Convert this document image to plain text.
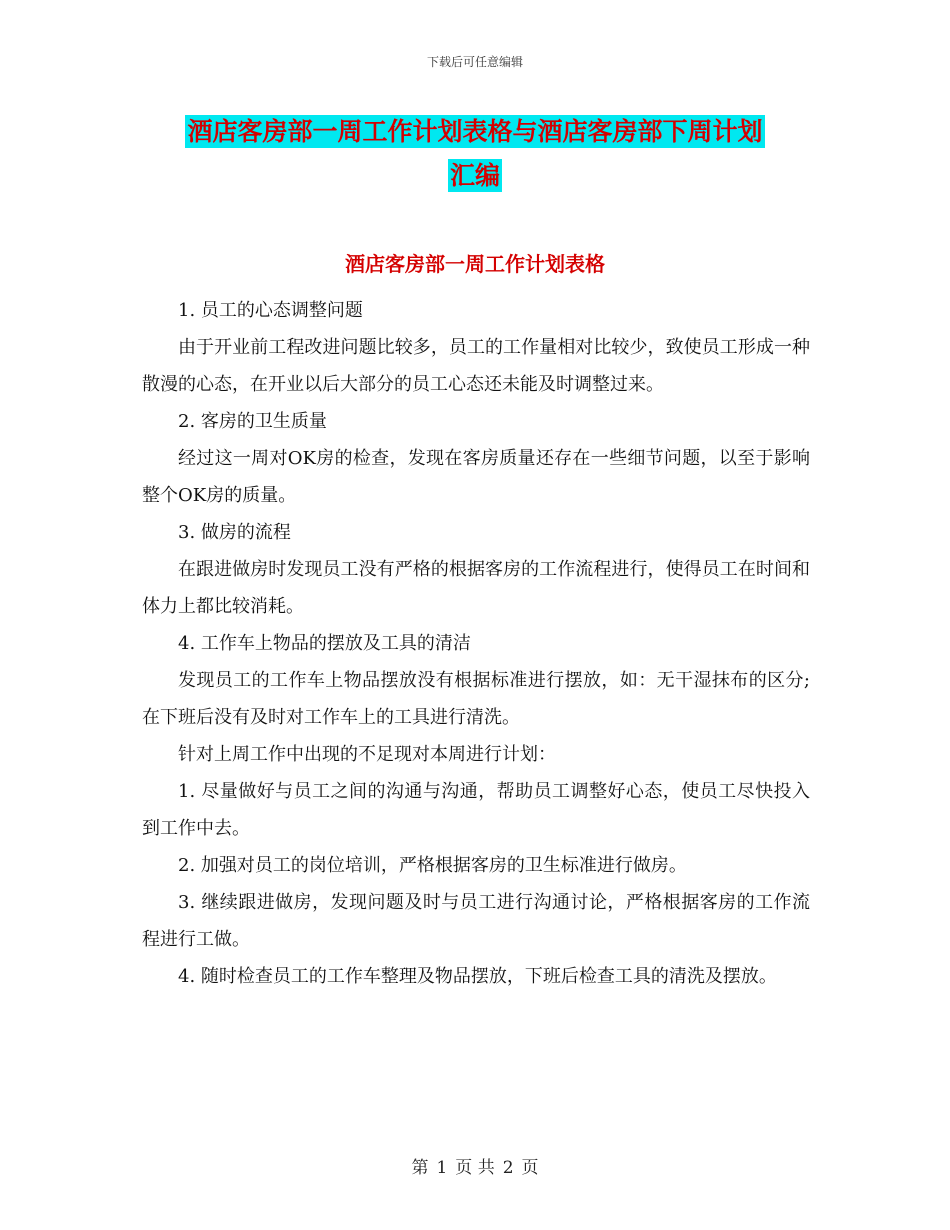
下载后可任意编辑
酒店客房部一周工作计划表格与酒店客房部下周计划
汇编
酒店客房部一周工作计划表格

1. 员工的心态调整问题

由于开业前工程改进问题比较多，员工的工作量相对比较少，致使员工形成一种散漫的心态，在开业以后大部分的员工心态还未能及时调整过来。

2. 客房的卫生质量

经过这一周对OK房的检查，发现在客房质量还存在一些细节问题，以至于影响整个OK房的质量。

3. 做房的流程

在跟进做房时发现员工没有严格的根据客房的工作流程进行，使得员工在时间和体力上都比较消耗。

4. 工作车上物品的摆放及工具的清洁

发现员工的工作车上物品摆放没有根据标准进行摆放，如：无干湿抹布的区分;在下班后没有及时对工作车上的工具进行清洗。

针对上周工作中出现的不足现对本周进行计划：

1. 尽量做好与员工之间的沟通与沟通，帮助员工调整好心态，使员工尽快投入到工作中去。

2. 加强对员工的岗位培训，严格根据客房的卫生标准进行做房。

3. 继续跟进做房，发现问题及时与员工进行沟通讨论，严格根据客房的工作流程进行工做。

4. 随时检查员工的工作车整理及物品摆放，下班后检查工具的清洗及摆放。

第 1 页 共 2 页
